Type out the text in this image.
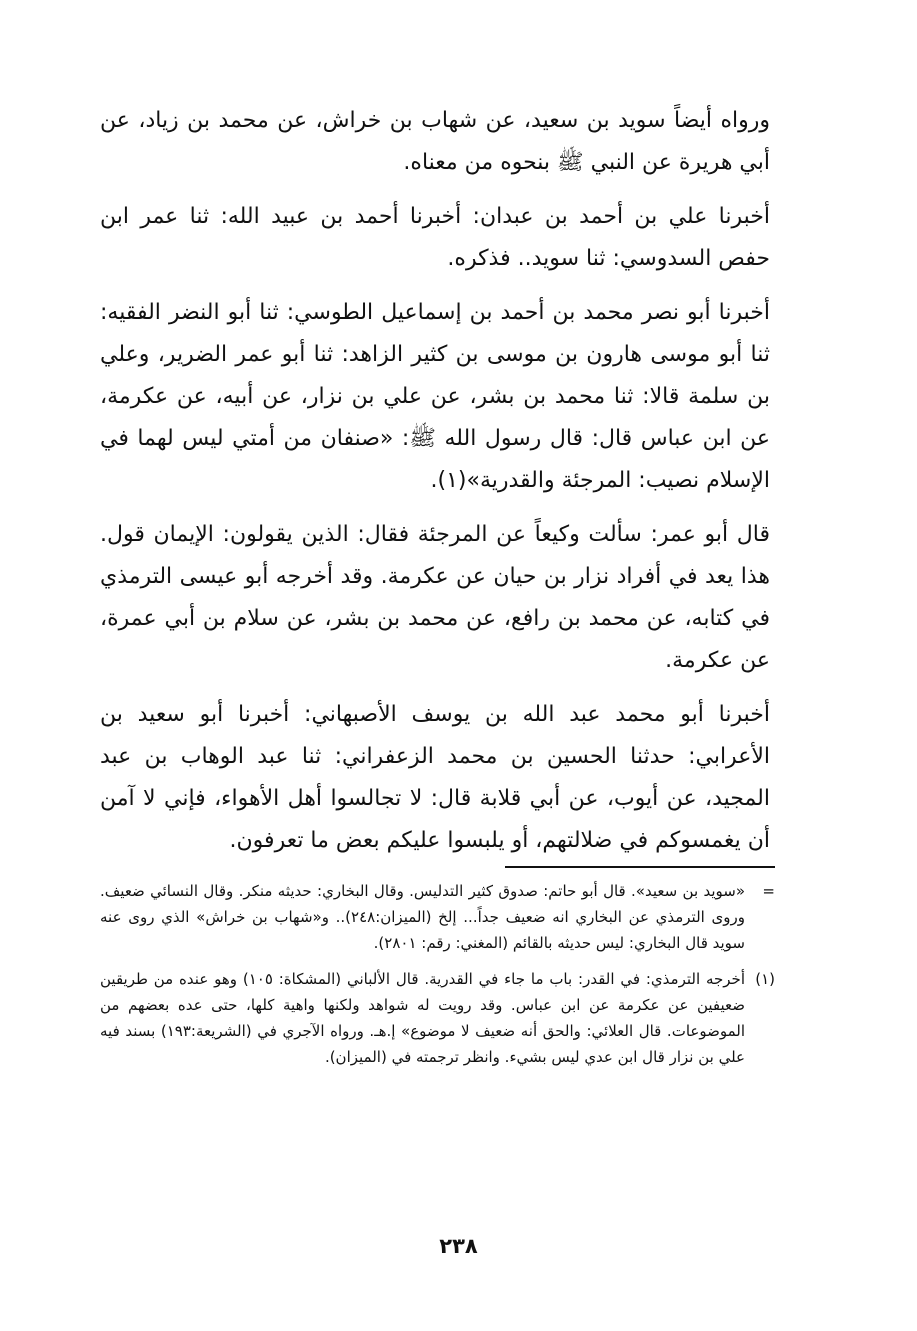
ورواه أيضاً سويد بن سعيد، عن شهاب بن خراش، عن محمد بن زياد، عن أبي هريرة عن النبي ﷺ بنحوه من معناه.

أخبرنا علي بن أحمد بن عبدان: أخبرنا أحمد بن عبيد الله: ثنا عمر ابن حفص السدوسي: ثنا سويد.. فذكره.

أخبرنا أبو نصر محمد بن أحمد بن إسماعيل الطوسي: ثنا أبو النضر الفقيه: ثنا أبو موسى هارون بن موسى بن كثير الزاهد: ثنا أبو عمر الضرير، وعلي بن سلمة قالا: ثنا محمد بن بشر، عن علي بن نزار، عن أبيه، عن عكرمة، عن ابن عباس قال: قال رسول الله ﷺ: «صنفان من أمتي ليس لهما في الإسلام نصيب: المرجئة والقدرية»(١).

قال أبو عمر: سألت وكيعاً عن المرجئة فقال: الذين يقولون: الإيمان قول. هذا يعد في أفراد نزار بن حيان عن عكرمة. وقد أخرجه أبو عيسى الترمذي في كتابه، عن محمد بن رافع، عن محمد بن بشر، عن سلام بن أبي عمرة، عن عكرمة.

أخبرنا أبو محمد عبد الله بن يوسف الأصبهاني: أخبرنا أبو سعيد بن الأعرابي: حدثنا الحسين بن محمد الزعفراني: ثنا عبد الوهاب بن عبد المجيد، عن أيوب، عن أبي قلابة قال: لا تجالسوا أهل الأهواء، فإني لا آمن أن يغمسوكم في ضلالتهم، أو يلبسوا عليكم بعض ما تعرفون.

=
«سويد بن سعيد». قال أبو حاتم: صدوق كثير التدليس. وقال البخاري: حديثه منكر. وقال النسائي ضعيف. وروى الترمذي عن البخاري انه ضعيف جداً... إلخ (الميزان:٢٤٨).. و«شهاب بن خراش» الذي روى عنه سويد قال البخاري: ليس حديثه بالقائم (المغني: رقم: ٢٨٠١).
(١)
أخرجه الترمذي: في القدر: باب ما جاء في القدرية. قال الألباني (المشكاة: ١٠٥) وهو عنده من طريقين ضعيفين عن عكرمة عن ابن عباس. وقد رويت له شواهد ولكنها واهية كلها، حتى عده بعضهم من الموضوعات. قال العلائي: والحق أنه ضعيف لا موضوع» إ.هـ. ورواه الآجري في (الشريعة:١٩٣) بسند فيه علي بن نزار قال ابن عدي ليس بشيء. وانظر ترجمته في (الميزان).
٢٣٨
